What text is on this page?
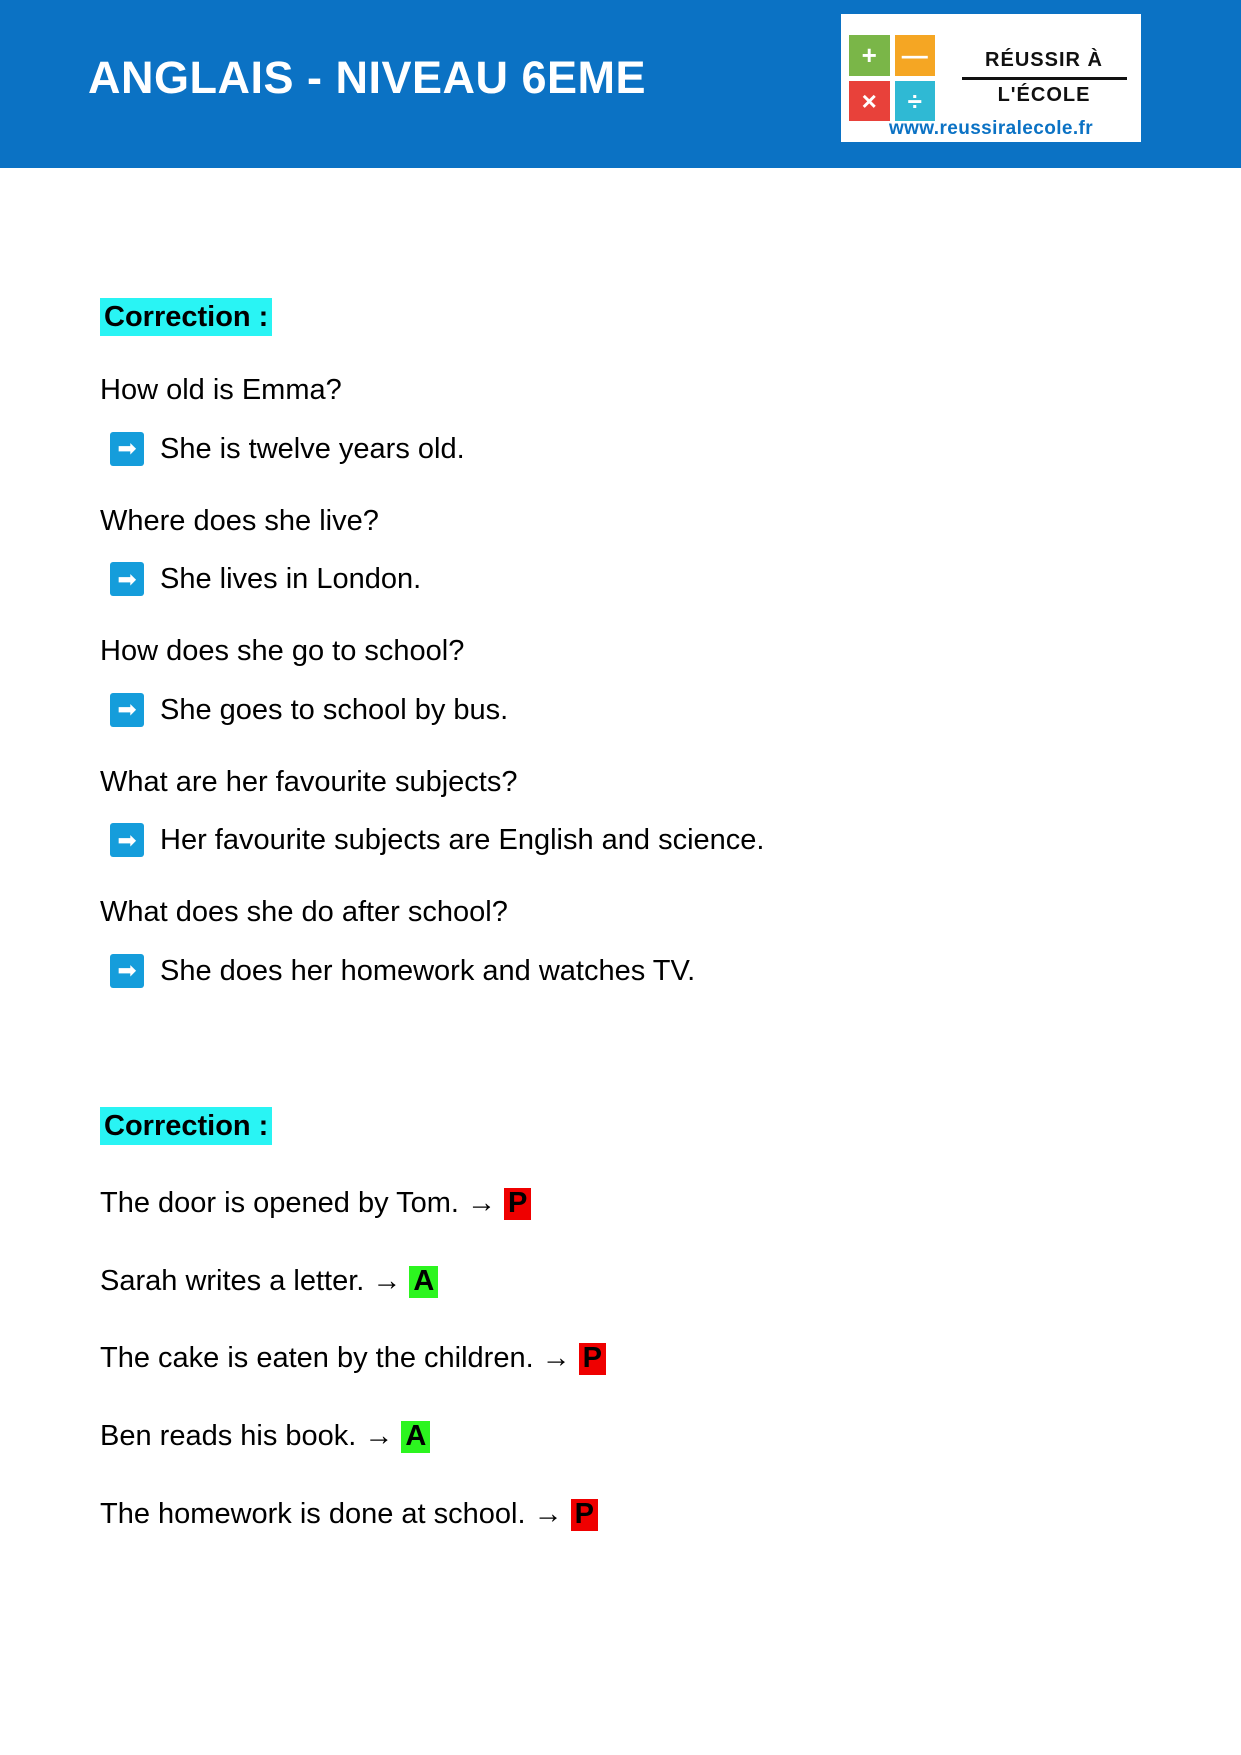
ANGLAIS - NIVEAU 6EME	+ —
×	÷
RÉUSSIR À
L'ÉCOLE
www.reussiralecole.fr
Correction :
How old is Emma?
➡ She is twelve years old.
Where does she live?
➡ She lives in London.
How does she go to school?
➡ She goes to school by bus.
What are her favourite subjects?
➡ Her favourite subjects are English and science.
What does she do after school?
➡ She does her homework and watches TV.
Correction :
The door is opened by Tom. → P
Sarah writes a letter. → A
The cake is eaten by the children. → P
Ben reads his book. → A
The homework is done at school. → P
